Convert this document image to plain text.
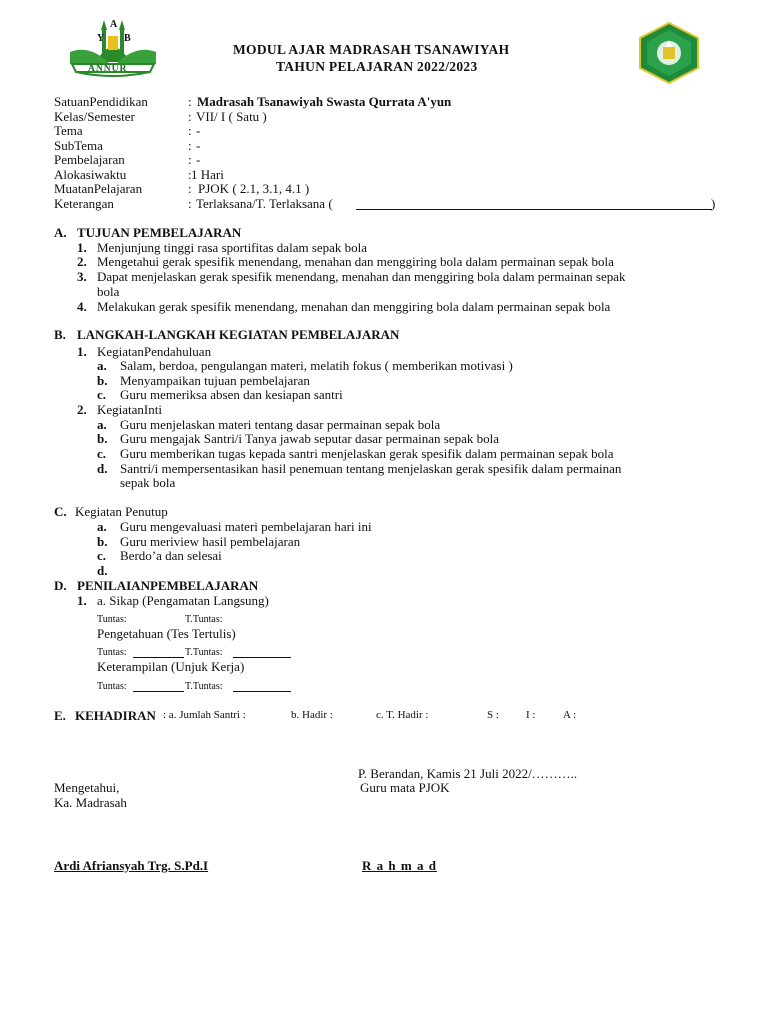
A
Y B
ANNUR
MODUL AJAR MADRASAH TSANAWIYAH
TAHUN PELAJARAN 2022/2023
SatuanPendidikan	: Madrasah Tsanawiyah Swasta Qurrata A'yun
Kelas/Semester	: VII/ I ( Satu )
Tema	: -
SubTema	: -
Pembelajaran	: -
Alokasiwaktu	: 1 Hari
MuatanPelajaran	: PJOK ( 2.1, 3.1, 4.1 )
Keterangan	: Terlaksana/T. Terlaksana (	)
A. TUJUAN PEMBELAJARAN
1. Menjunjung tinggi rasa sportifitas dalam sepak bola
2. Mengetahui gerak spesifik menendang, menahan dan menggiring bola dalam permainan sepak bola
3. Dapat menjelaskan gerak spesifik menendang, menahan dan menggiring bola dalam permainan sepak
bola
4. Melakukan gerak spesifik menendang, menahan dan menggiring bola dalam permainan sepak bola
B. LANGKAH-LANGKAH KEGIATAN PEMBELAJARAN
1. KegiatanPendahuluan
a. Salam, berdoa, pengulangan materi, melatih fokus ( memberikan motivasi )
b. Menyampaikan tujuan pembelajaran
c. Guru memeriksa absen dan kesiapan santri
2. KegiatanInti
a. Guru menjelaskan materi tentang dasar permainan sepak bola
b. Guru mengajak Santri/i Tanya jawab seputar dasar permainan sepak bola
c. Guru memberikan tugas kepada santri menjelaskan gerak spesifik dalam permainan sepak bola
d. Santri/i mempersentasikan hasil penemuan tentang menjelaskan gerak spesifik dalam permainan
sepak bola
C. Kegiatan Penutup
a. Guru mengevaluasi materi pembelajaran hari ini
b. Guru meriview hasil pembelajaran
c. Berdo’a dan selesai
d.
D. PENILAIANPEMBELAJARAN
1. a. Sikap (Pengamatan Langsung)
Tuntas:	T.Tuntas:
Pengetahuan (Tes Tertulis)
Tuntas:	T.Tuntas:
Keterampilan (Unjuk Kerja)
Tuntas:	T.Tuntas:
E. KEHADIRAN : a. Jumlah Santri :	b. Hadir :	c. T. Hadir :	S : I :	A :
P. Berandan, Kamis 21 Juli 2022/………..
Mengetahui,	Guru mata PJOK
Ka. Madrasah
Ardi Afriansyah Trg. S.Pd.I	R a h m a d
